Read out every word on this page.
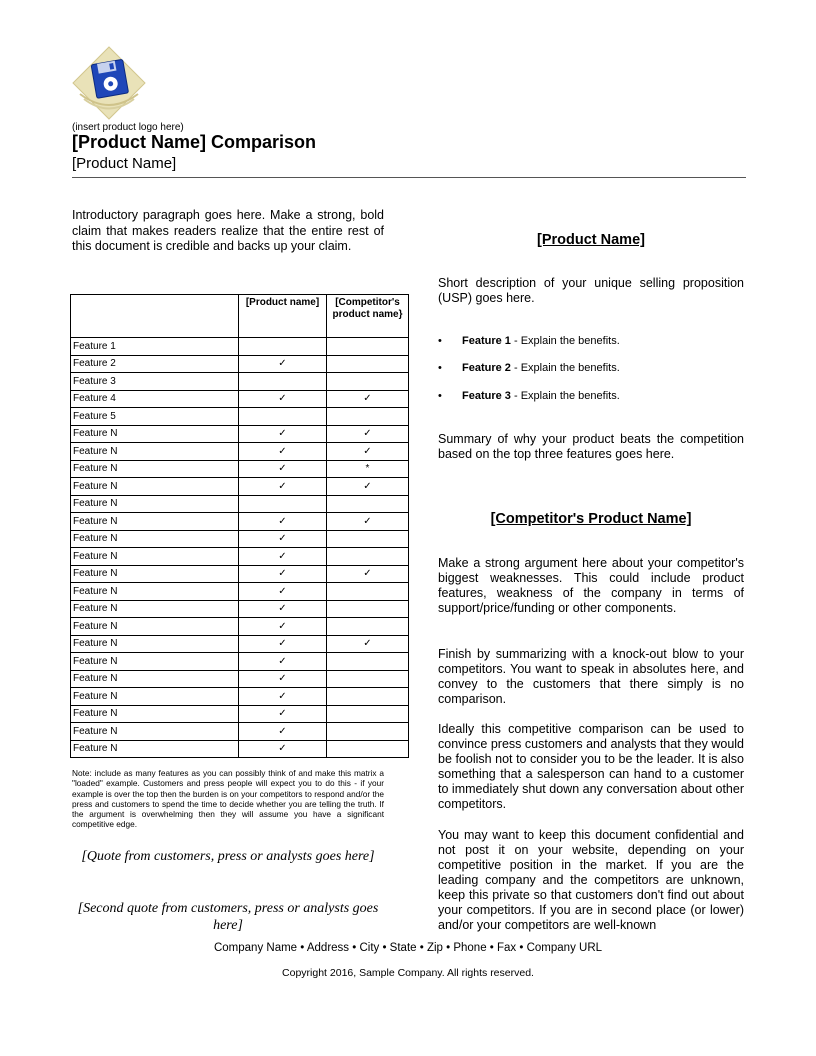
(insert product logo here)
[Product Name] Comparison
[Product Name]
Introductory paragraph goes here. Make a strong, bold claim that makes readers realize that the entire rest of this document is credible and backs up your claim.
	[Product name]	[Competitor's product name}
Feature 1		
Feature 2	✓	
Feature 3		
Feature 4	✓	✓
Feature 5		
Feature N	✓	✓
Feature N	✓	✓
Feature N	✓	*
Feature N	✓	✓
Feature N		
Feature N	✓	✓
Feature N	✓	
Feature N	✓	
Feature N	✓	✓
Feature N	✓	
Feature N	✓	
Feature N	✓	
Feature N	✓	✓
Feature N	✓	
Feature N	✓	
Feature N	✓	
Feature N	✓	
Feature N	✓	
Feature N	✓	
Note: include as many features as you can possibly think of and make this matrix a "loaded" example. Customers and press people will expect you to do this - if your example is over the top then the burden is on your competitors to respond and/or the press and customers to spend the time to decide whether you are telling the truth. If the argument is overwhelming then they will assume you have a significant competitive edge.
[Quote from customers, press or analysts goes here]
[Second quote from customers, press or analysts goes here]
[Product Name]
Short description of your unique selling proposition (USP) goes here.
• Feature 1 - Explain the benefits.
• Feature 2 - Explain the benefits.
• Feature 3 - Explain the benefits.
Summary of why your product beats the competition based on the top three features goes here.
[Competitor's Product Name]
Make a strong argument here about your competitor's biggest weaknesses. This could include product features, weakness of the company in terms of support/price/funding or other components.
Finish by summarizing with a knock-out blow to your competitors. You want to speak in absolutes here, and convey to the customers that there simply is no comparison.
Ideally this competitive comparison can be used to convince press customers and analysts that they would be foolish not to consider you to be the leader. It is also something that a salesperson can hand to a customer to immediately shut down any conversation about other competitors.
You may want to keep this document confidential and not post it on your website, depending on your competitive position in the market. If you are the leading company and the competitors are unknown, keep this private so that customers don't find out about your competitors. If you are in second place (or lower) and/or your competitors are well-known
Company Name • Address • City • State • Zip • Phone • Fax • Company URL
Copyright 2016, Sample Company. All rights reserved.
